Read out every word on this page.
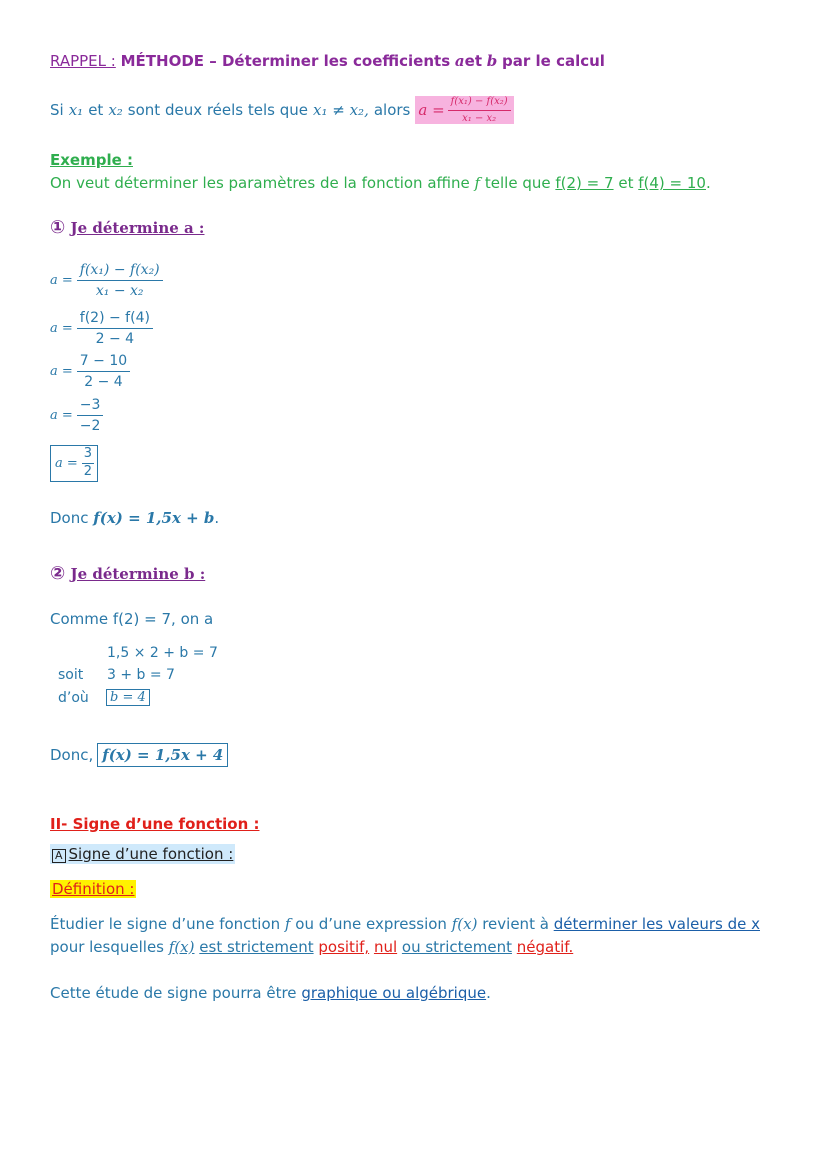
RAPPEL : MÉTHODE – Déterminer les coefficients aet b par le calcul
Si x₁ et x₂ sont deux réels tels que x₁ ≠ x₂, alors $a = \frac{\text{f(x₁) − f(x₂)}}{\text{x₁ − x₂}}$
Exemple :
On veut déterminer les paramètres de la fonction affine f telle que f(2) = 7 et f(4) = 10.
① Je détermine a :
$a = \frac{\text{f(x₁) − f(x₂)}}{\text{x₁ − x₂}}$
$a = \frac{f(2) - f(4)}{2 - 4}$
$a = \frac{7 - 10}{2 - 4}$
$a = \frac{-3}{-2}$
$a = \frac{3}{2}$
Donc f(x) = 1,5x + b.
② Je détermine b :
Comme f(2) = 7, on a
1,5 × 2 + b = 7
soit 3 + b = 7
d’où	b = 4
Donc, f(x) = 1,5x + 4
II- Signe d’une fonction :
A Signe d’une fonction :
Définition :
Étudier le signe d’une fonction f ou d’une expression f(x) revient à déterminer les valeurs de x
pour lesquelles f(x) est strictement positif, nul ou strictement négatif.
Cette étude de signe pourra être graphique ou algébrique.
